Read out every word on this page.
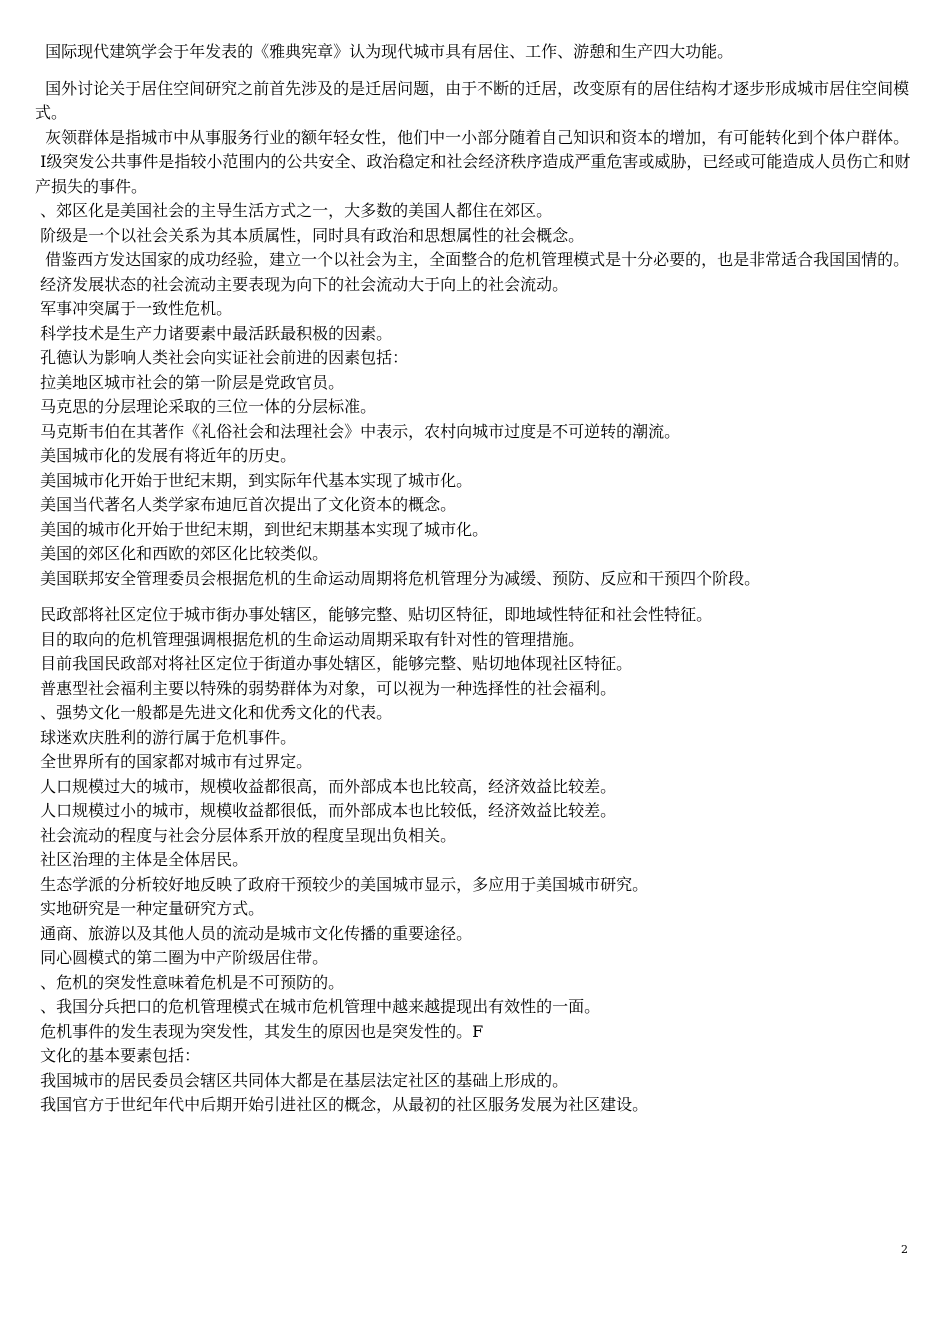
国际现代建筑学会于年发表的《雅典宪章》认为现代城市具有居住、工作、游憩和生产四大功能。

国外讨论关于居住空间研究之前首先涉及的是迁居问题，由于不断的迁居，改变原有的居住结构才逐步形成城市居住空间模式。

灰领群体是指城市中从事服务行业的额年轻女性，他们中一小部分随着自己知识和资本的增加，有可能转化到个体户群体。

I级突发公共事件是指较小范围内的公共安全、政治稳定和社会经济秩序造成严重危害或威胁，已经或可能造成人员伤亡和财产损失的事件。

、郊区化是美国社会的主导生活方式之一，大多数的美国人都住在郊区。

阶级是一个以社会关系为其本质属性，同时具有政治和思想属性的社会概念。

借鉴西方发达国家的成功经验，建立一个以社会为主，全面整合的危机管理模式是十分必要的，也是非常适合我国国情的。

经济发展状态的社会流动主要表现为向下的社会流动大于向上的社会流动。

军事冲突属于一致性危机。

科学技术是生产力诸要素中最活跃最积极的因素。

孔德认为影响人类社会向实证社会前进的因素包括：

拉美地区城市社会的第一阶层是党政官员。

马克思的分层理论采取的三位一体的分层标准。

马克斯韦伯在其著作《礼俗社会和法理社会》中表示，农村向城市过度是不可逆转的潮流。

美国城市化的发展有将近年的历史。

美国城市化开始于世纪末期，到实际年代基本实现了城市化。

美国当代著名人类学家布迪厄首次提出了文化资本的概念。

美国的城市化开始于世纪末期，到世纪末期基本实现了城市化。

美国的郊区化和西欧的郊区化比较类似。

美国联邦安全管理委员会根据危机的生命运动周期将危机管理分为减缓、预防、反应和干预四个阶段。

民政部将社区定位于城市街办事处辖区，能够完整、贴切区特征，即地域性特征和社会性特征。

目的取向的危机管理强调根据危机的生命运动周期采取有针对性的管理措施。

目前我国民政部对将社区定位于街道办事处辖区，能够完整、贴切地体现社区特征。

普惠型社会福利主要以特殊的弱势群体为对象，可以视为一种选择性的社会福利。

、强势文化一般都是先进文化和优秀文化的代表。

球迷欢庆胜利的游行属于危机事件。

全世界所有的国家都对城市有过界定。

人口规模过大的城市，规模收益都很高，而外部成本也比较高，经济效益比较差。

人口规模过小的城市，规模收益都很低，而外部成本也比较低，经济效益比较差。

社会流动的程度与社会分层体系开放的程度呈现出负相关。

社区治理的主体是全体居民。

生态学派的分析较好地反映了政府干预较少的美国城市显示，多应用于美国城市研究。

实地研究是一种定量研究方式。

通商、旅游以及其他人员的流动是城市文化传播的重要途径。

同心圆模式的第二圈为中产阶级居住带。

、危机的突发性意味着危机是不可预防的。

、我国分兵把口的危机管理模式在城市危机管理中越来越提现出有效性的一面。

危机事件的发生表现为突发性，其发生的原因也是突发性的。F

文化的基本要素包括：

我国城市的居民委员会辖区共同体大都是在基层法定社区的基础上形成的。

我国官方于世纪年代中后期开始引进社区的概念，从最初的社区服务发展为社区建设。

2
